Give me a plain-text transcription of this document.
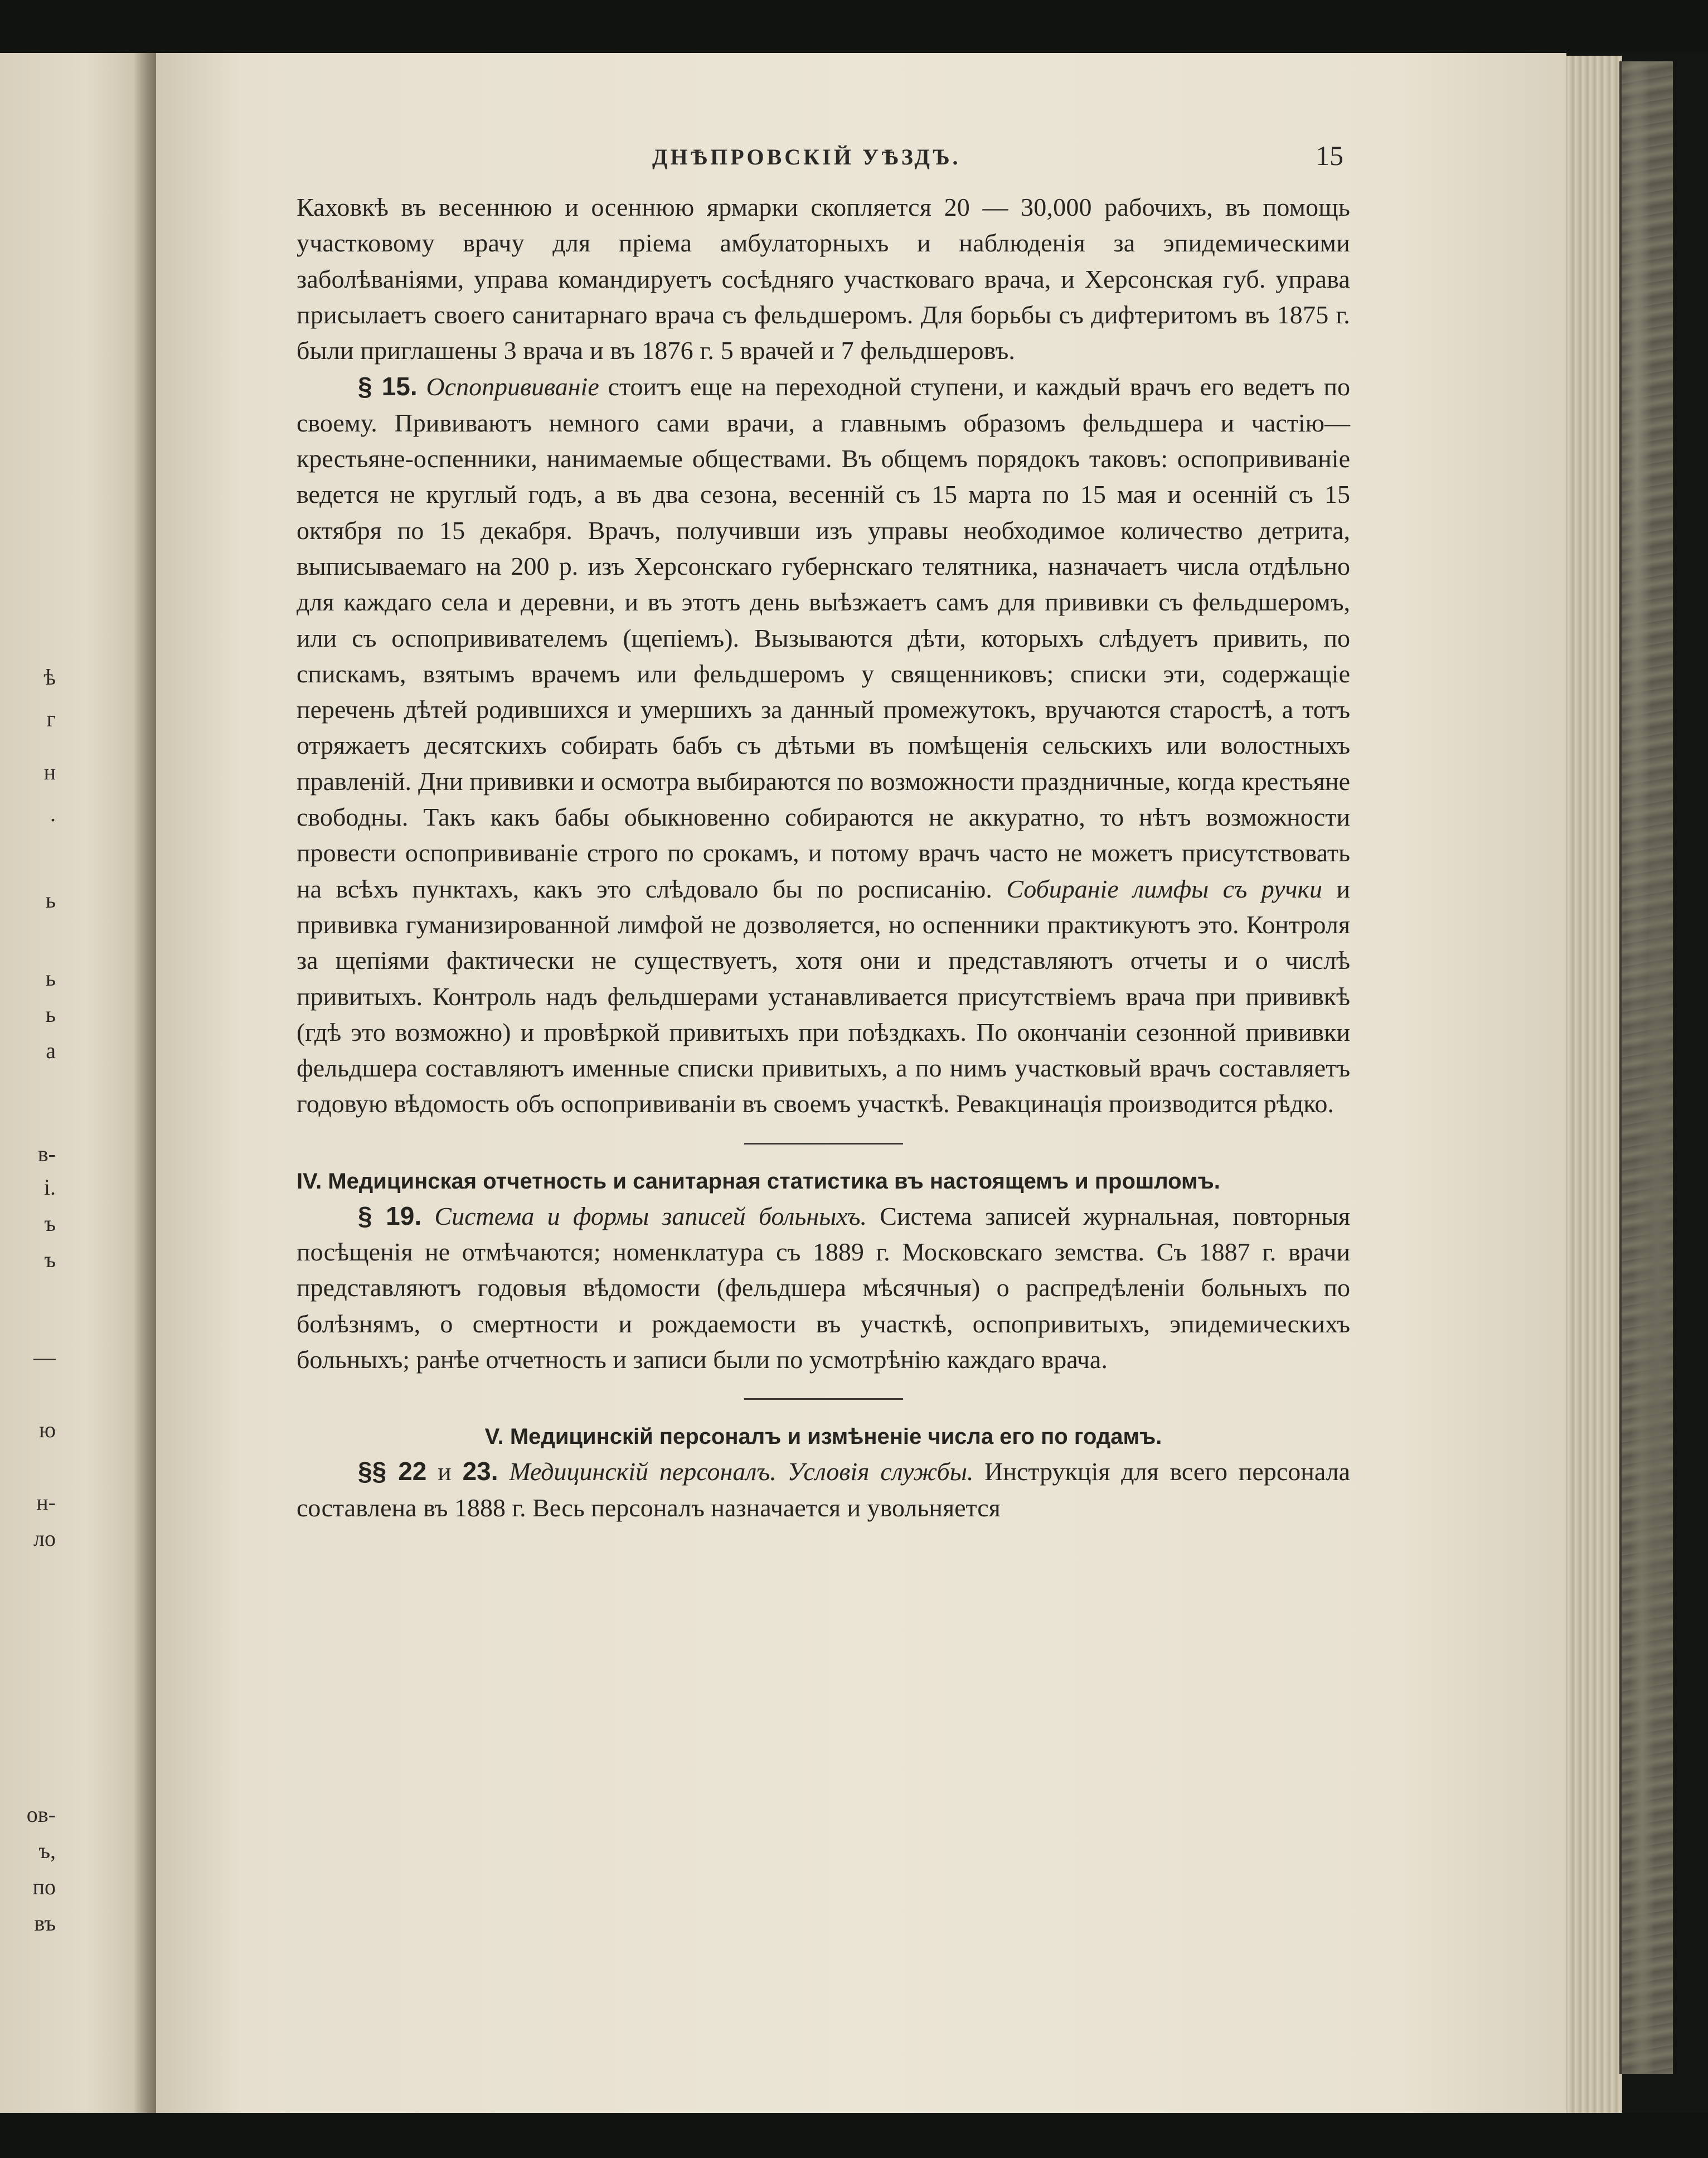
ѣ
г
н
.
ь
ь
ь
а
в-
і.
ъ
ъ
—
ю
н-
ло
ов-
ъ,
по
въ
ДНѢПРОВСКІЙ УѢЗДЪ.	15

Каховкѣ въ весеннюю и осеннюю ярмарки скопляется 20 — 30,000 рабочихъ, въ помощь участковому врачу для пріема амбулаторныхъ и наблюденія за эпидемическими заболѣваніями, управа командируетъ сосѣдняго участковаго врача, и Херсонская губ. управа присылаетъ своего санитарнаго врача съ фельдшеромъ. Для борьбы съ дифтеритомъ въ 1875 г. были приглашены 3 врача и въ 1876 г. 5 врачей и 7 фельдшеровъ.

§ 15. Оспопрививаніе стоитъ еще на переходной ступени, и каждый врачъ его ведетъ по своему. Прививаютъ немного сами врачи, а главнымъ образомъ фельдшера и частію—крестьяне-оспенники, нанимаемые обществами. Въ общемъ порядокъ таковъ: оспопрививаніе ведется не круглый годъ, а въ два сезона, весенній съ 15 марта по 15 мая и осенній съ 15 октября по 15 декабря. Врачъ, получивши изъ управы необходимое количество детрита, выписываемаго на 200 р. изъ Херсонскаго губернскаго телятника, назначаетъ числа отдѣльно для каждаго села и деревни, и въ этотъ день выѣзжаетъ самъ для прививки съ фельдшеромъ, или съ оспопрививателемъ (щепіемъ). Вызываются дѣти, которыхъ слѣдуетъ привить, по спискамъ, взятымъ врачемъ или фельдшеромъ у священниковъ; списки эти, содержащіе перечень дѣтей родившихся и умершихъ за данный промежутокъ, вручаются старостѣ, а тотъ отряжаетъ десятскихъ собирать бабъ съ дѣтьми въ помѣщенія сельскихъ или волостныхъ правленій. Дни прививки и осмотра выбираются по возможности праздничные, когда крестьяне свободны. Такъ какъ бабы обыкновенно собираются не аккуратно, то нѣтъ возможности провести оспопрививаніе строго по срокамъ, и потому врачъ часто не можетъ присутствовать на всѣхъ пунктахъ, какъ это слѣдовало бы по росписанію. Собираніе лимфы съ ручки и прививка гуманизированной лимфой не дозволяется, но оспенники практикуютъ это. Контроля за щепіями фактически не существуетъ, хотя они и представляютъ отчеты и о числѣ привитыхъ. Контроль надъ фельдшерами устанавливается присутствіемъ врача при прививкѣ (гдѣ это возможно) и провѣркой привитыхъ при поѣздкахъ. По окончаніи сезонной прививки фельдшера составляютъ именные списки привитыхъ, а по нимъ участковый врачъ составляетъ годовую вѣдомость объ оспопрививаніи въ своемъ участкѣ. Ревакцинація производится рѣдко.

IV. Медицинская отчетность и санитарная статистика въ настоящемъ и прошломъ.

§ 19. Система и формы записей больныхъ. Система записей журнальная, повторныя посѣщенія не отмѣчаются; номенклатура съ 1889 г. Московскаго земства. Съ 1887 г. врачи представляютъ годовыя вѣдомости (фельдшера мѣсячныя) о распредѣленіи больныхъ по болѣзнямъ, о смертности и рождаемости въ участкѣ, оспопривитыхъ, эпидемическихъ больныхъ; ранѣе отчетность и записи были по усмотрѣнію каждаго врача.

V. Медицинскій персоналъ и измѣненіе числа его по годамъ.

§§ 22 и 23. Медицинскій персоналъ. Условія службы. Инструкція для всего персонала составлена въ 1888 г. Весь персоналъ назначается и увольняется
